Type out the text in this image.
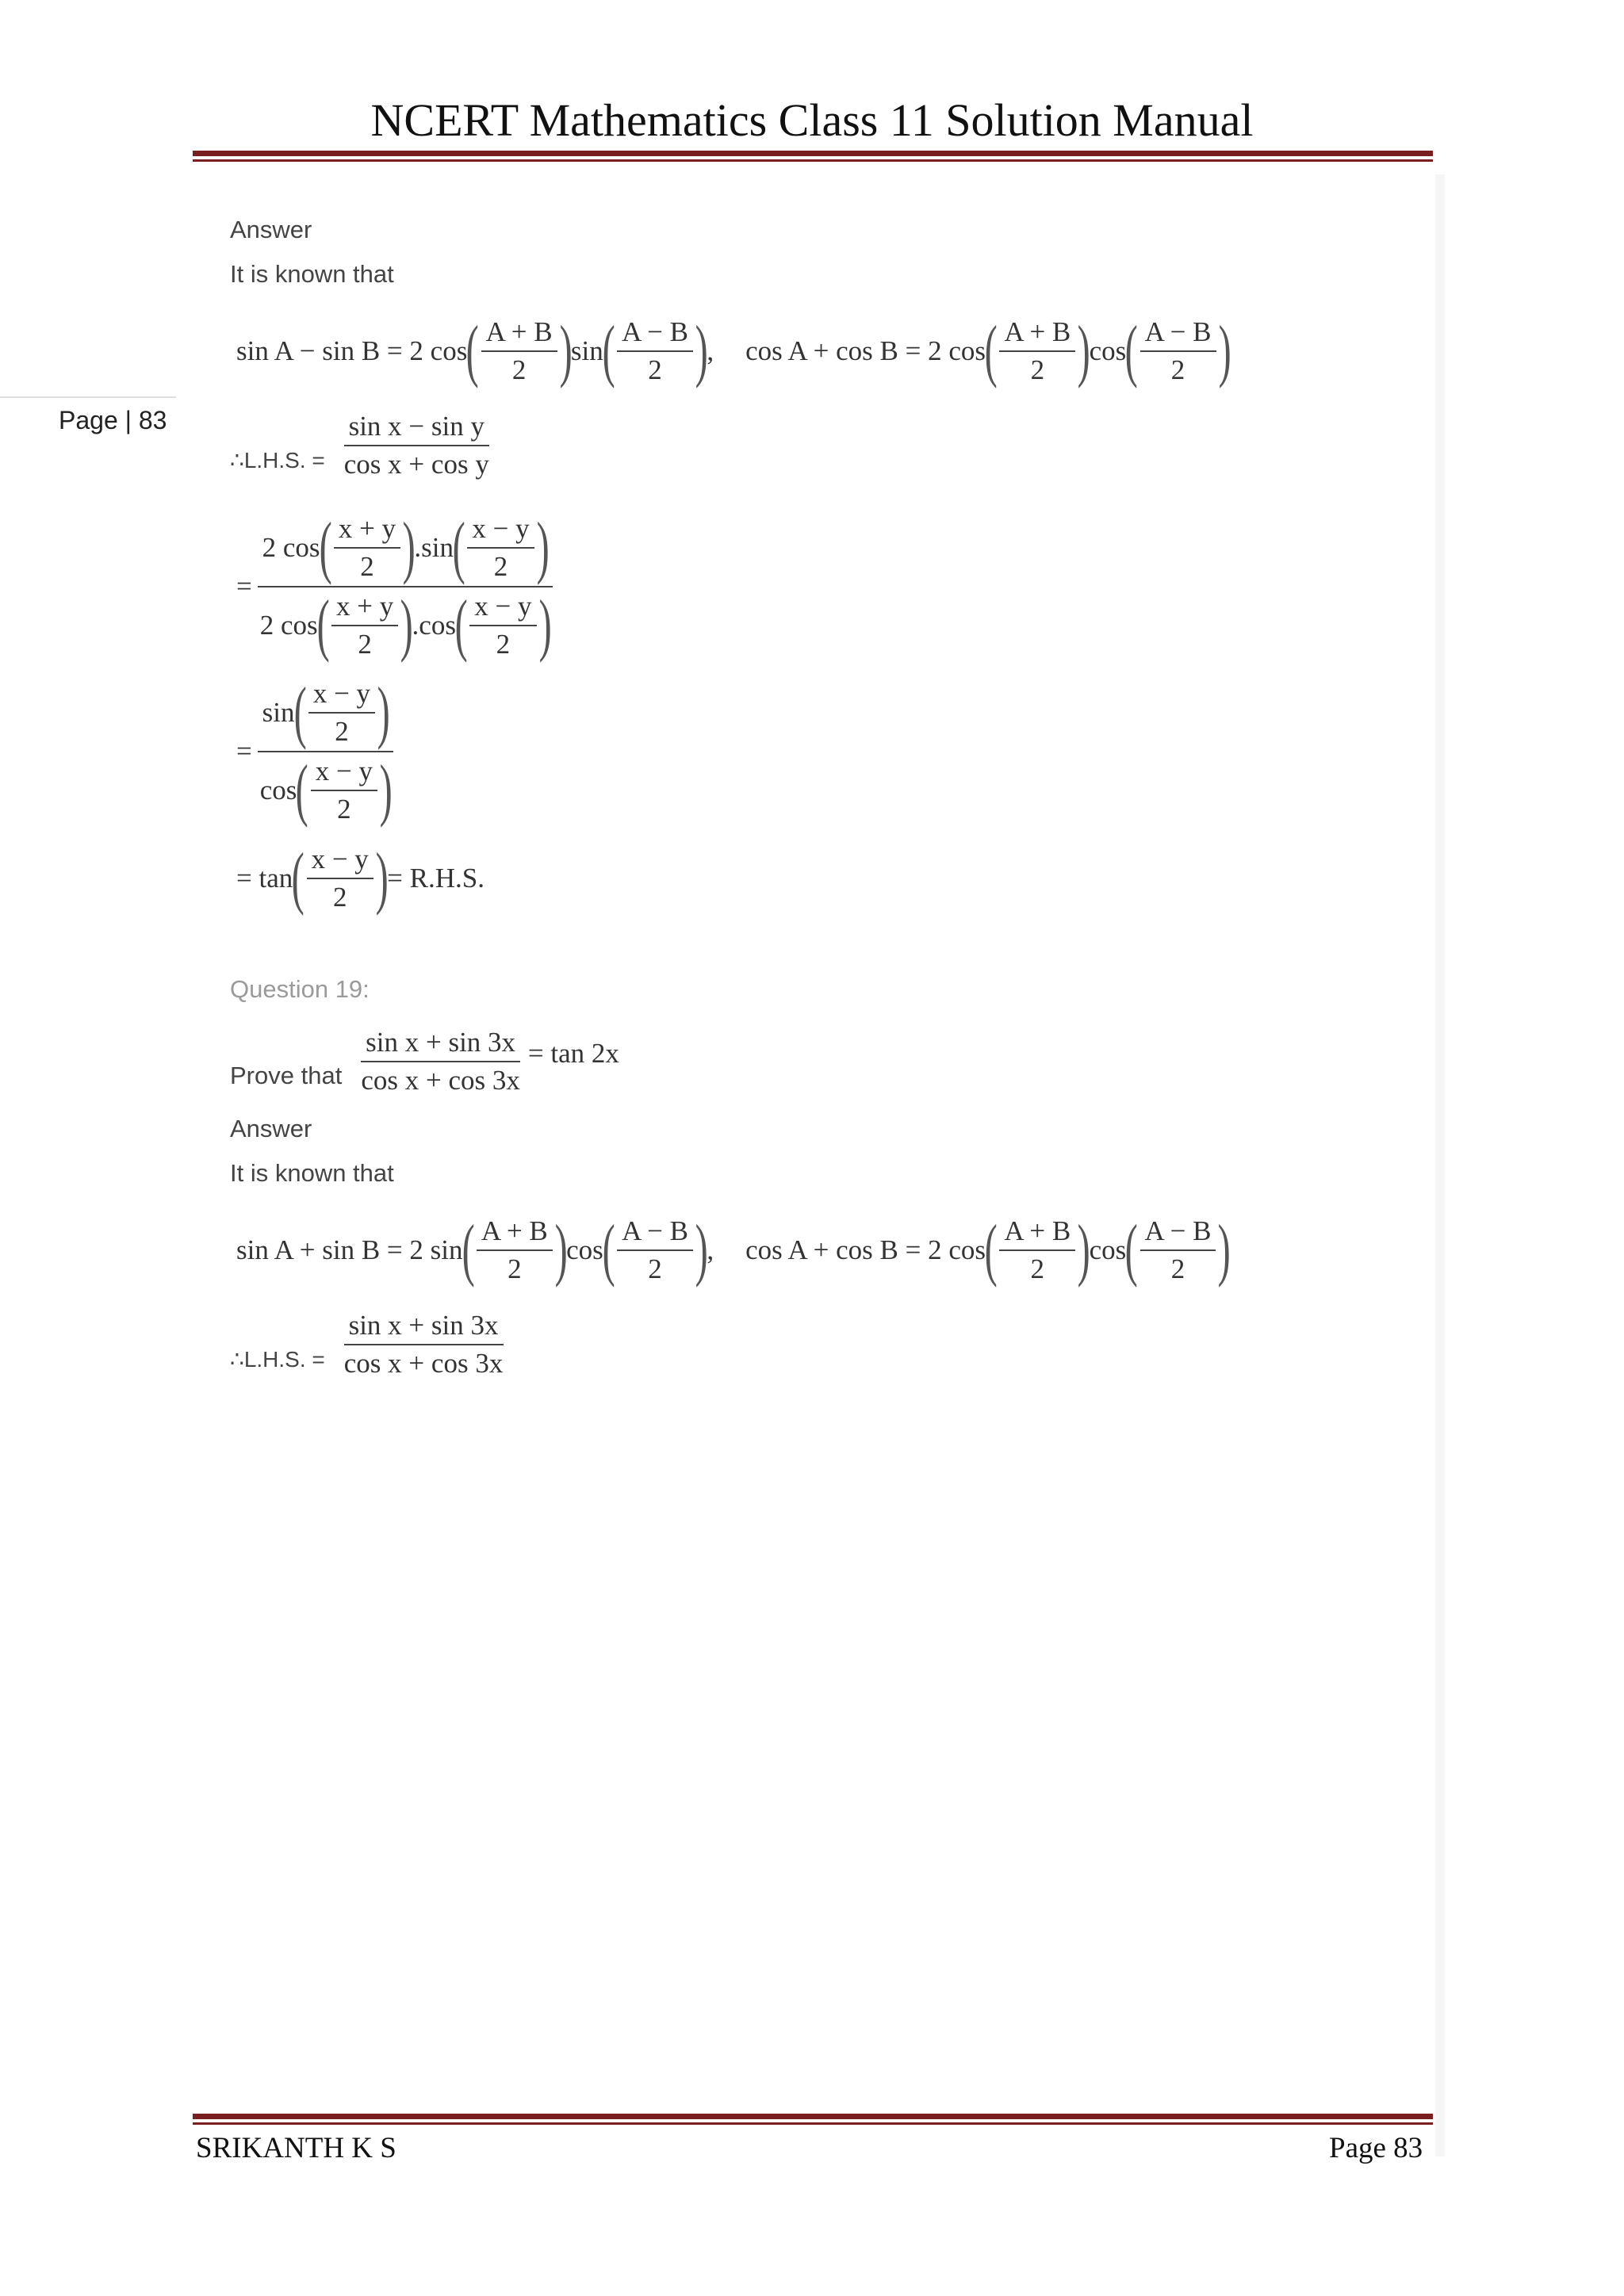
NCERT Mathematics Class 11 Solution Manual
Page | 83
Answer
It is known that
sin A − sin B = 2 cos
( $\frac{A + B}{2}$ )
sin
( $\frac{A - B}{2}$ )
, cos A + cos B = 2 cos
( $\frac{A + B}{2}$ )
cos
( $\frac{A - B}{2}$ )
∴L.H.S. = $\frac{\text{sin x − sin y}}{\text{cos x + cos y}}$
= 2 cos
( $\frac{x + y}{2}$ )
.sin
( $\frac{x - y}{2}$ )
2 cos
( $\frac{x + y}{2}$ )
.cos
( $\frac{x - y}{2}$ )
= sin
( $\frac{x - y}{2}$ )
cos
( $\frac{x - y}{2}$ )
= tan
( $\frac{x - y}{2}$ )
= R.H.S.
Question 19:
Prove that $\frac{\text{sin x + sin 3x}}{\text{cos x + cos 3x}} = \tan 2x$
Answer
It is known that
sin A + sin B = 2 sin
( $\frac{A + B}{2}$ )
cos
( $\frac{A - B}{2}$ )
, cos A + cos B = 2 cos
( $\frac{A + B}{2}$ )
cos
( $\frac{A - B}{2}$ )
∴L.H.S. = $\frac{\text{sin x + sin 3x}}{\text{cos x + cos 3x}}$
SRIKANTH K S	Page 83
